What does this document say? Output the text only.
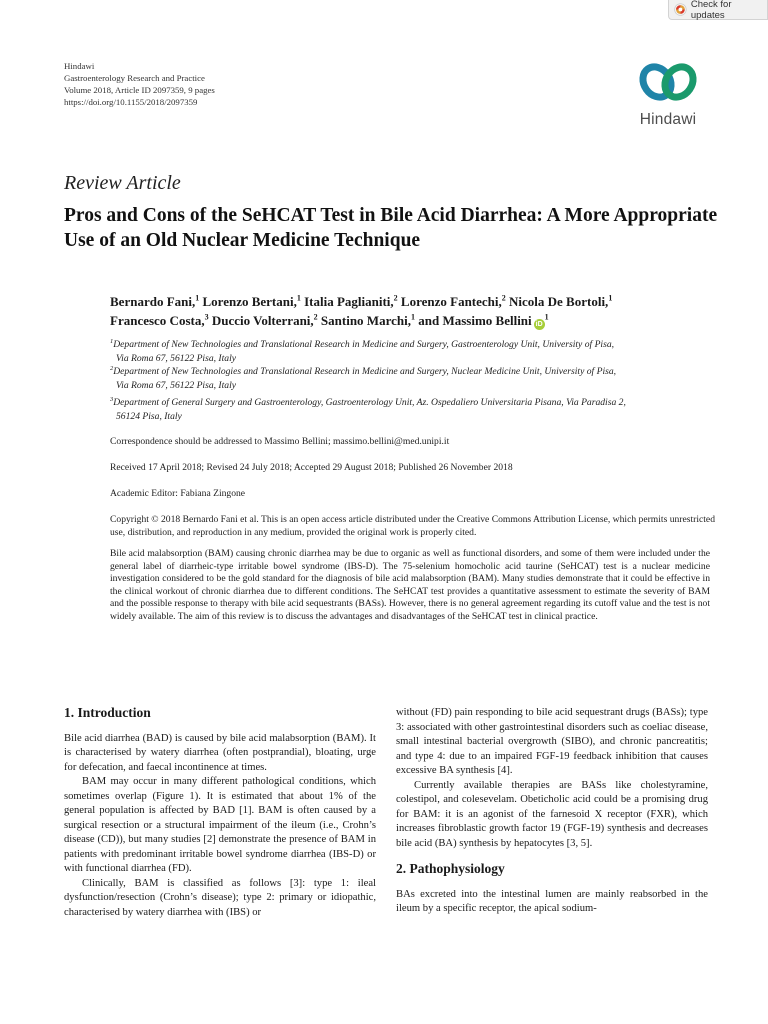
Check for updates
Hindawi
Gastroenterology Research and Practice
Volume 2018, Article ID 2097359, 9 pages
https://doi.org/10.1155/2018/2097359
Hindawi
Review Article
Pros and Cons of the SeHCAT Test in Bile Acid Diarrhea: A More Appropriate Use of an Old Nuclear Medicine Technique
Bernardo Fani,$^1$ Lorenzo Bertani,$^1$ Italia Paglianiti,$^2$ Lorenzo Fantechi,$^2$ Nicola De Bortoli,$^1$
Francesco Costa,$^3$ Duccio Volterrani,$^2$ Santino Marchi,$^1$ and Massimo Bellini $iD^1$
$^1$Department of New Technologies and Translational Research in Medicine and Surgery, Gastroenterology Unit, University of Pisa,
Via Roma 67, 56122 Pisa, Italy
$^2$Department of New Technologies and Translational Research in Medicine and Surgery, Nuclear Medicine Unit, University of Pisa,
Via Roma 67, 56122 Pisa, Italy
$^3$Department of General Surgery and Gastroenterology, Gastroenterology Unit, Az. Ospedaliero Universitaria Pisana, Via Paradisa 2,
56124 Pisa, Italy
Correspondence should be addressed to Massimo Bellini; massimo.bellini@med.unipi.it
Received 17 April 2018; Revised 24 July 2018; Accepted 29 August 2018; Published 26 November 2018
Academic Editor: Fabiana Zingone
Copyright © 2018 Bernardo Fani et al. This is an open access article distributed under the Creative Commons Attribution License, which permits unrestricted use, distribution, and reproduction in any medium, provided the original work is properly cited.
Bile acid malabsorption (BAM) causing chronic diarrhea may be due to organic as well as functional disorders, and some of them were included under the general label of diarrheic-type irritable bowel syndrome (IBS-D). The 75-selenium homocholic acid taurine (SeHCAT) test is a nuclear medicine investigation considered to be the gold standard for the diagnosis of bile acid malabsorption (BAM). Many studies demonstrate that it could be effective in the clinical workout of chronic diarrhea due to different conditions. The SeHCAT test provides a quantitative assessment to estimate the severity of BAM and the possible response to therapy with bile acid sequestrants (BASs). However, there is no general agreement regarding its cutoff value and the test is not widely available. The aim of this review is to discuss the advantages and disadvantages of the SeHCAT test in clinical practice.
1. Introduction

Bile acid diarrhea (BAD) is caused by bile acid malabsorption (BAM). It is characterised by watery diarrhea (often postprandial), bloating, urge for defecation, and faecal incontinence at times.

BAM may occur in many different pathological conditions, which sometimes overlap (Figure 1). It is estimated that about 1% of the general population is affected by BAD [1]. BAM is often caused by a surgical resection or a structural impairment of the ileum (i.e., Crohn’s disease (CD)), but many studies [2] demonstrate the presence of BAM in patients with predominant irritable bowel syndrome diarrhea (IBS-D) or with functional diarrhea (FD).

Clinically, BAM is classified as follows [3]: type 1: ileal dysfunction/resection (Crohn’s disease); type 2: primary or idiopathic, characterised by watery diarrhea with (IBS) or

without (FD) pain responding to bile acid sequestrant drugs (BASs); type 3: associated with other gastrointestinal disorders such as coeliac disease, small intestinal bacterial overgrowth (SIBO), and chronic pancreatitis; and type 4: due to an impaired FGF-19 feedback inhibition that causes excessive BA synthesis [4].

Currently available therapies are BASs like cholestyramine, colestipol, and colesevelam. Obeticholic acid could be a promising drug for BAM: it is an agonist of the farnesoid X receptor (FXR), which increases fibroblastic growth factor 19 (FGF-19) synthesis and decreases bile acid (BA) synthesis by hepatocytes [3, 5].

2. Pathophysiology

BAs excreted into the intestinal lumen are mainly reabsorbed in the ileum by a specific receptor, the apical sodium-
